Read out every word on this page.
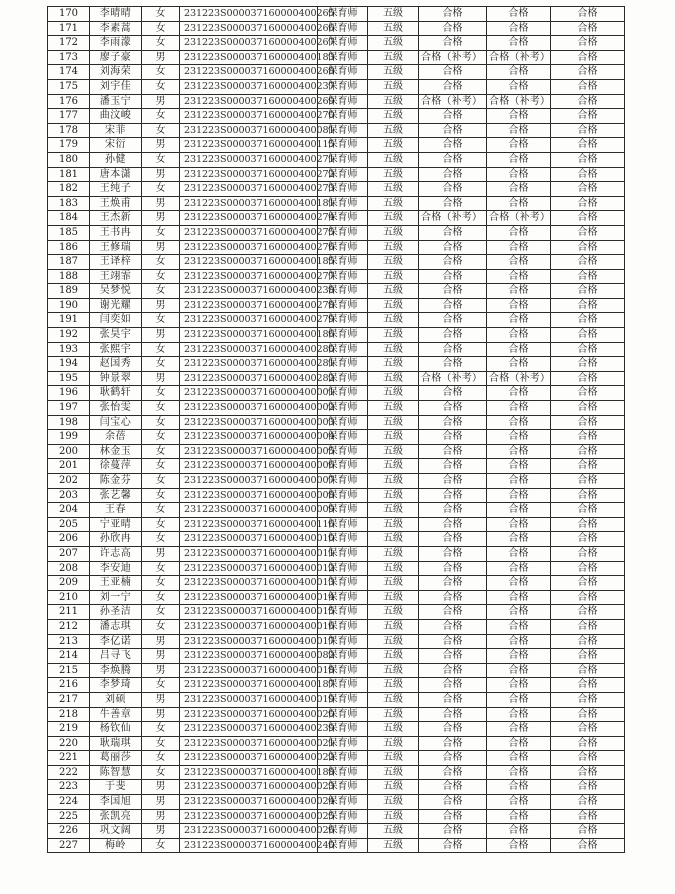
170	李晴晴	女	231223S000037160000400265	保育师	五级	合格	合格	合格
171	李素蒿	女	231223S000037160000400266	保育师	五级	合格	合格	合格
172	李雨濛	女	231223S000037160000400267	保育师	五级	合格	合格	合格
173	廖子豪	男	231223S000037160000400183	保育师	五级	合格（补考）	合格（补考）	合格
174	刘海荣	女	231223S000037160000400268	保育师	五级	合格	合格	合格
175	刘宇佳	女	231223S000037160000400237	保育师	五级	合格	合格	合格
176	潘玉宁	男	231223S000037160000400269	保育师	五级	合格（补考）	合格（补考）	合格
177	曲汶峻	女	231223S000037160000400270	保育师	五级	合格	合格	合格
178	宋菲	女	231223S000037160000400081	保育师	五级	合格	合格	合格
179	宋衍	男	231223S000037160000400115	保育师	五级	合格	合格	合格
180	孙健	女	231223S000037160000400271	保育师	五级	合格	合格	合格
181	唐本潇	男	231223S000037160000400272	保育师	五级	合格	合格	合格
182	王纯子	女	231223S000037160000400273	保育师	五级	合格	合格	合格
183	王焕甫	男	231223S000037160000400181	保育师	五级	合格	合格	合格
184	王杰新	男	231223S000037160000400274	保育师	五级	合格（补考）	合格（补考）	合格
185	王书冉	女	231223S000037160000400275	保育师	五级	合格	合格	合格
186	王修瑞	男	231223S000037160000400276	保育师	五级	合格	合格	合格
187	王译梓	女	231223S000037160000400185	保育师	五级	合格	合格	合格
188	王翊霏	女	231223S000037160000400277	保育师	五级	合格	合格	合格
189	吴梦悦	女	231223S000037160000400238	保育师	五级	合格	合格	合格
190	谢光耀	男	231223S000037160000400278	保育师	五级	合格	合格	合格
191	闫奕如	女	231223S000037160000400279	保育师	五级	合格	合格	合格
192	张昊宇	男	231223S000037160000400186	保育师	五级	合格	合格	合格
193	张熙宇	女	231223S000037160000400280	保育师	五级	合格	合格	合格
194	赵国秀	女	231223S000037160000400281	保育师	五级	合格	合格	合格
195	钟景翠	男	231223S000037160000400282	保育师	五级	合格（补考）	合格（补考）	合格
196	耿鹤轩	女	231223S000037160000400001	保育师	五级	合格	合格	合格
197	张怡雯	女	231223S000037160000400002	保育师	五级	合格	合格	合格
198	闫宝心	女	231223S000037160000400003	保育师	五级	合格	合格	合格
199	余蓓	女	231223S000037160000400004	保育师	五级	合格	合格	合格
200	林金玉	女	231223S000037160000400005	保育师	五级	合格	合格	合格
201	徐蔓萍	女	231223S000037160000400006	保育师	五级	合格	合格	合格
202	陈金芬	女	231223S000037160000400007	保育师	五级	合格	合格	合格
203	张艺馨	女	231223S000037160000400008	保育师	五级	合格	合格	合格
204	王春	女	231223S000037160000400009	保育师	五级	合格	合格	合格
205	宁亚晴	女	231223S000037160000400116	保育师	五级	合格	合格	合格
206	孙欣冉	女	231223S000037160000400010	保育师	五级	合格	合格	合格
207	许志高	男	231223S000037160000400011	保育师	五级	合格	合格	合格
208	李安迪	女	231223S000037160000400012	保育师	五级	合格	合格	合格
209	王亚楠	女	231223S000037160000400013	保育师	五级	合格	合格	合格
210	刘一宁	女	231223S000037160000400014	保育师	五级	合格	合格	合格
211	孙圣洁	女	231223S000037160000400015	保育师	五级	合格	合格	合格
212	潘志琪	女	231223S000037160000400016	保育师	五级	合格	合格	合格
213	李亿诺	男	231223S000037160000400017	保育师	五级	合格	合格	合格
214	吕寻飞	男	231223S000037160000400082	保育师	五级	合格	合格	合格
215	李焕腾	男	231223S000037160000400018	保育师	五级	合格	合格	合格
216	李梦琦	女	231223S000037160000400187	保育师	五级	合格	合格	合格
217	刘硕	男	231223S000037160000400019	保育师	五级	合格	合格	合格
218	牛善章	男	231223S000037160000400020	保育师	五级	合格	合格	合格
219	杨钦仙	女	231223S000037160000400239	保育师	五级	合格	合格	合格
220	耿瑞琪	女	231223S000037160000400021	保育师	五级	合格	合格	合格
221	葛丽莎	女	231223S000037160000400022	保育师	五级	合格	合格	合格
222	陈智慧	女	231223S000037160000400188	保育师	五级	合格	合格	合格
223	于斐	男	231223S000037160000400023	保育师	五级	合格	合格	合格
224	李国旭	男	231223S000037160000400024	保育师	五级	合格	合格	合格
225	张凯亮	男	231223S000037160000400025	保育师	五级	合格	合格	合格
226	巩文阔	男	231223S000037160000400026	保育师	五级	合格	合格	合格
227	梅岭	女	231223S000037160000400240	保育师	五级	合格	合格	合格
